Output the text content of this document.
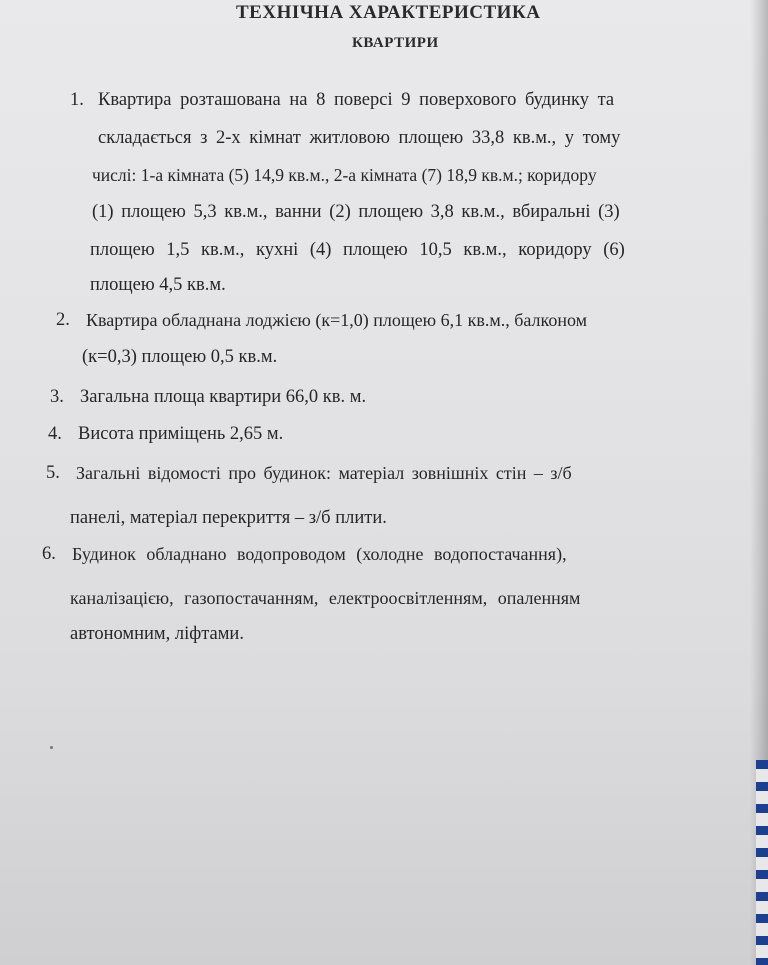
ТЕХНІЧНА ХАРАКТЕРИСТИКА
КВАРТИРИ
1. Квартира розташована на 8 поверсі 9 поверхового будинку та
складається з 2-х кімнат житловою площею 33,8 кв.м., у тому
числі: 1-а кімната (5) 14,9 кв.м., 2-а кімната (7) 18,9 кв.м.; коридору
(1) площею 5,3 кв.м., ванни (2) площею 3,8 кв.м., вбиральні (3)
площею 1,5 кв.м., кухні (4) площею 10,5 кв.м., коридору (6)
площею 4,5 кв.м.
2. Квартира обладнана лоджією (к=1,0) площею 6,1 кв.м., балконом
(к=0,3) площею 0,5 кв.м.
3. Загальна площа квартири 66,0 кв. м.
4. Висота приміщень 2,65 м.
5. Загальні відомості про будинок: матеріал зовнішніх стін – з/б
панелі, матеріал перекриття – з/б плити.
6. Будинок обладнано водопроводом (холодне водопостачання),
каналізацією, газопостачанням, електроосвітленням, опаленням
автономним, ліфтами.
